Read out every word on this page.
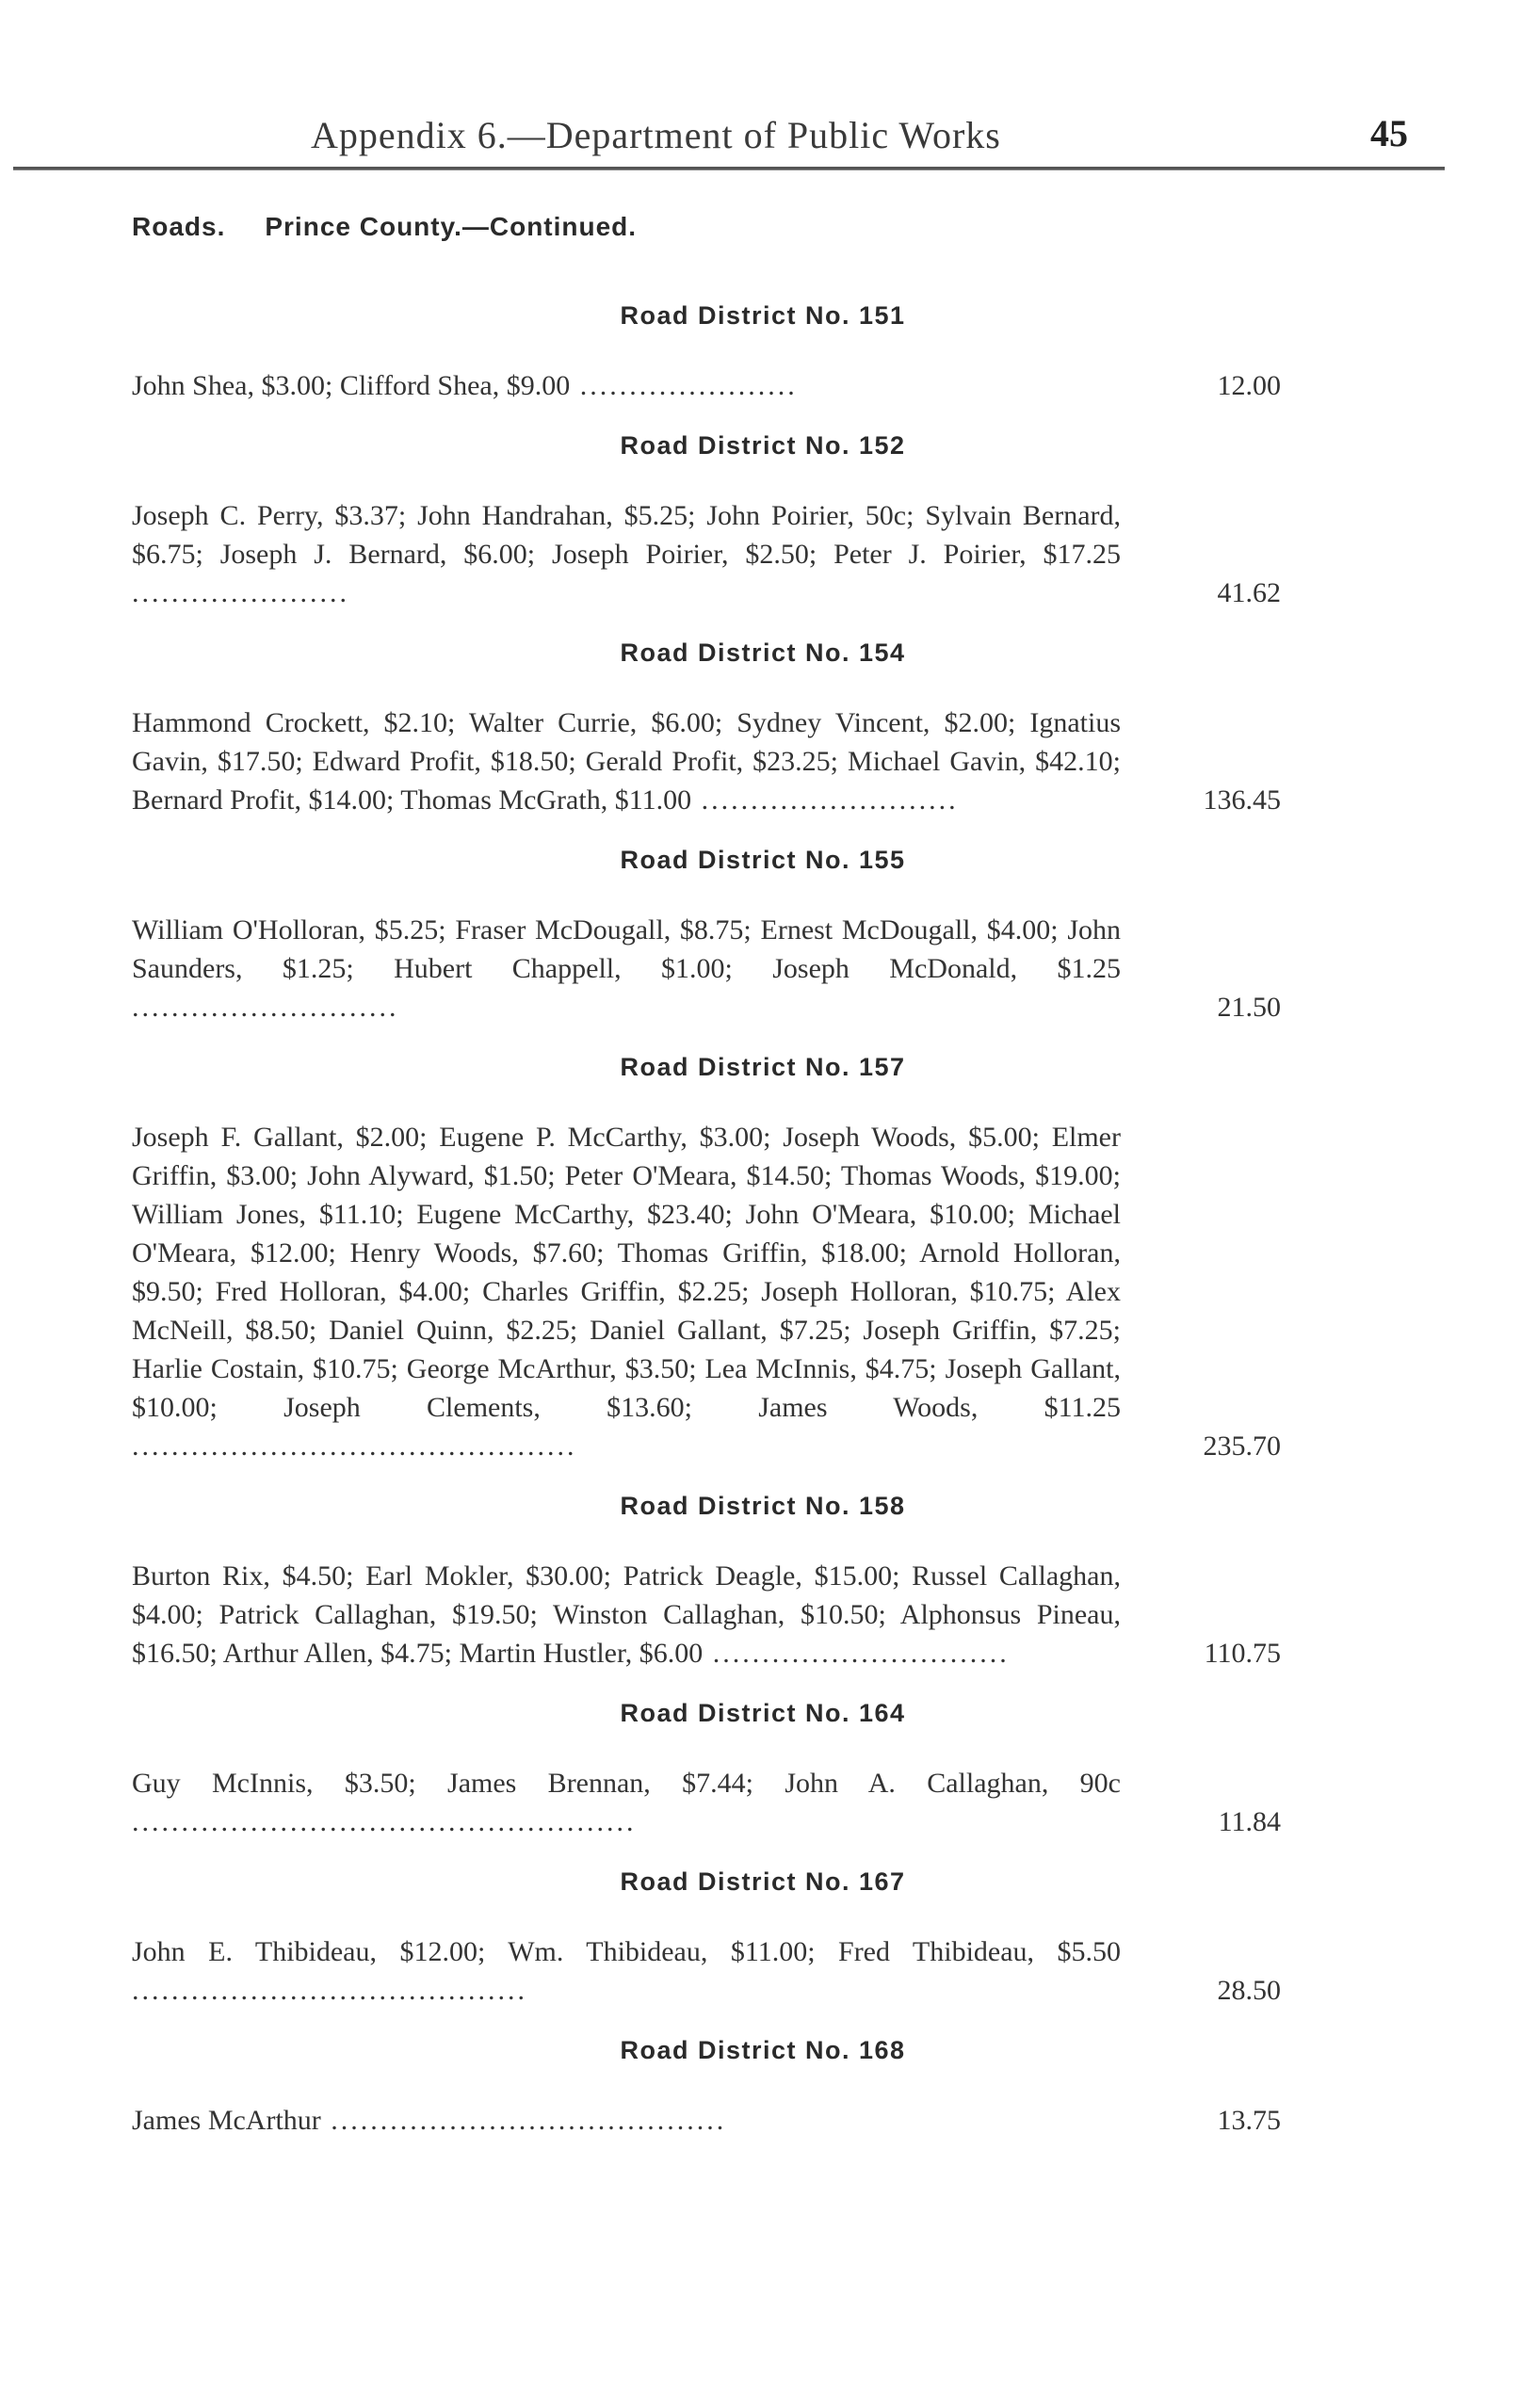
Appendix 6.—Department of Public Works	45
Roads. Prince County.—Continued.
Road District No. 151
John Shea, $3.00; Clifford Shea, $9.00 ......................	12.00
Road District No. 152
Joseph C. Perry, $3.37; John Handrahan, $5.25; John Poirier, 50c; Sylvain Bernard, $6.75; Joseph J. Bernard, $6.00; Joseph Poirier, $2.50; Peter J. Poirier, $17.25 ......................	41.62
Road District No. 154
Hammond Crockett, $2.10; Walter Currie, $6.00; Sydney Vincent, $2.00; Ignatius Gavin, $17.50; Edward Profit, $18.50; Gerald Profit, $23.25; Michael Gavin, $42.10; Bernard Profit, $14.00; Thomas McGrath, $11.00 ..........................	136.45
Road District No. 155
William O'Holloran, $5.25; Fraser McDougall, $8.75; Ernest McDougall, $4.00; John Saunders, $1.25; Hubert Chappell, $1.00; Joseph McDonald, $1.25 ...........................	21.50
Road District No. 157
Joseph F. Gallant, $2.00; Eugene P. McCarthy, $3.00; Joseph Woods, $5.00; Elmer Griffin, $3.00; John Alyward, $1.50; Peter O'Meara, $14.50; Thomas Woods, $19.00; William Jones, $11.10; Eugene McCarthy, $23.40; John O'Meara, $10.00; Michael O'Meara, $12.00; Henry Woods, $7.60; Thomas Griffin, $18.00; Arnold Holloran, $9.50; Fred Holloran, $4.00; Charles Griffin, $2.25; Joseph Holloran, $10.75; Alex McNeill, $8.50; Daniel Quinn, $2.25; Daniel Gallant, $7.25; Joseph Griffin, $7.25; Harlie Costain, $10.75; George McArthur, $3.50; Lea McInnis, $4.75; Joseph Gallant, $10.00; Joseph Clements, $13.60; James Woods, $11.25 .............................................	235.70
Road District No. 158
Burton Rix, $4.50; Earl Mokler, $30.00; Patrick Deagle, $15.00; Russel Callaghan, $4.00; Patrick Callaghan, $19.50; Winston Callaghan, $10.50; Alphonsus Pineau, $16.50; Arthur Allen, $4.75; Martin Hustler, $6.00 ..............................	110.75
Road District No. 164
Guy McInnis, $3.50; James Brennan, $7.44; John A. Callaghan, 90c ...................................................	11.84
Road District No. 167
John E. Thibideau, $12.00; Wm. Thibideau, $11.00; Fred Thibideau, $5.50 ........................................	28.50
Road District No. 168
James McArthur ........................................	13.75
